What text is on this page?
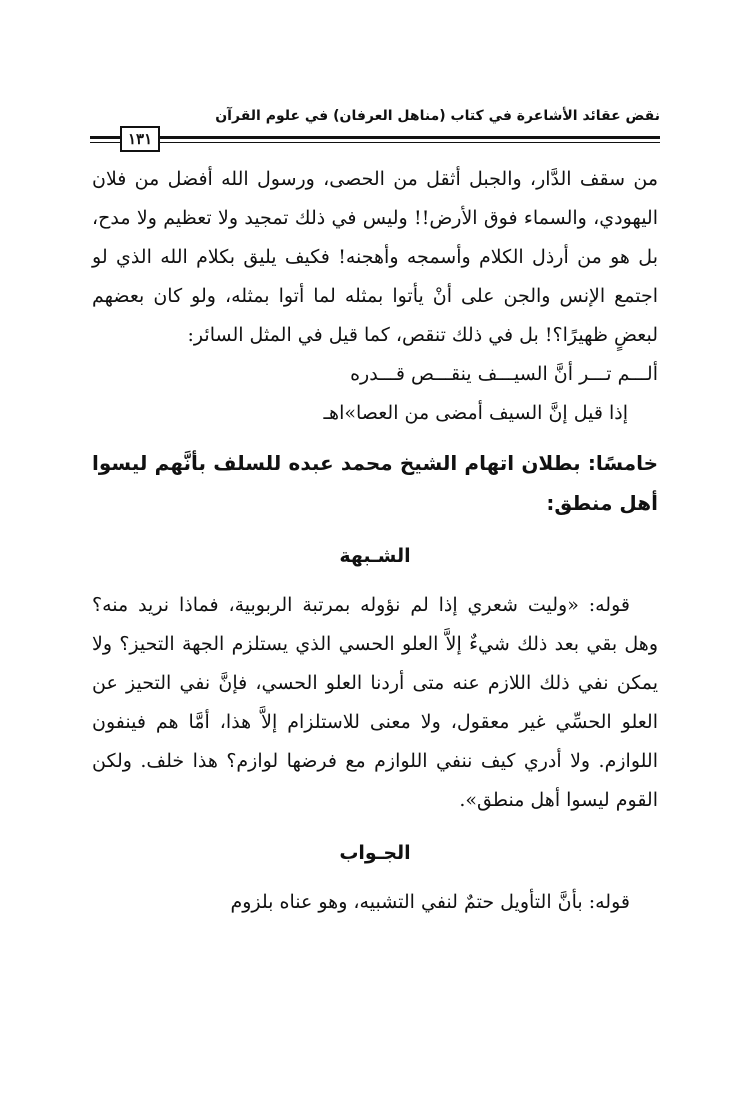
نقض عقائد الأشاعرة في كتاب (مناهل العرفان) في علوم القرآن
١٣١

من سقف الدَّار، والجبل أثقل من الحصى، ورسول الله أفضل من فلان اليهودي، والسماء فوق الأرض!! وليس في ذلك تمجيد ولا تعظيم ولا مدح، بل هو من أرذل الكلام وأسمجه وأهجنه! فكيف يليق بكلام الله الذي لو اجتمع الإنس والجن على أنْ يأتوا بمثله لما أتوا بمثله، ولو كان بعضهم لبعضٍ ظهيرًا؟! بل في ذلك تنقص، كما قيل في المثل السائر:

ألـــم تـــر أنَّ السيـــف ينقـــص قـــدره

إذا قيل إنَّ السيف أمضى من العصا»اهـ

خامسًا: بطلان اتهام الشيخ محمد عبده للسلف بأنَّهم ليسوا أهل منطق:

الشـبهة

قوله: «وليت شعري إذا لم نؤوله بمرتبة الربوبية، فماذا نريد منه؟ وهل بقي بعد ذلك شيءٌ إلاَّ العلو الحسي الذي يستلزم الجهة التحيز؟ ولا يمكن نفي ذلك اللازم عنه متى أردنا العلو الحسي، فإنَّ نفي التحيز عن العلو الحسِّي غير معقول، ولا معنى للاستلزام إلاَّ هذا، أمَّا هم فينفون اللوازم. ولا أدري كيف ننفي اللوازم مع فرضها لوازم؟ هذا خلف. ولكن القوم ليسوا أهل منطق».

الجـواب

قوله: بأنَّ التأويل حتمٌ لنفي التشبيه، وهو عناه بلزوم
